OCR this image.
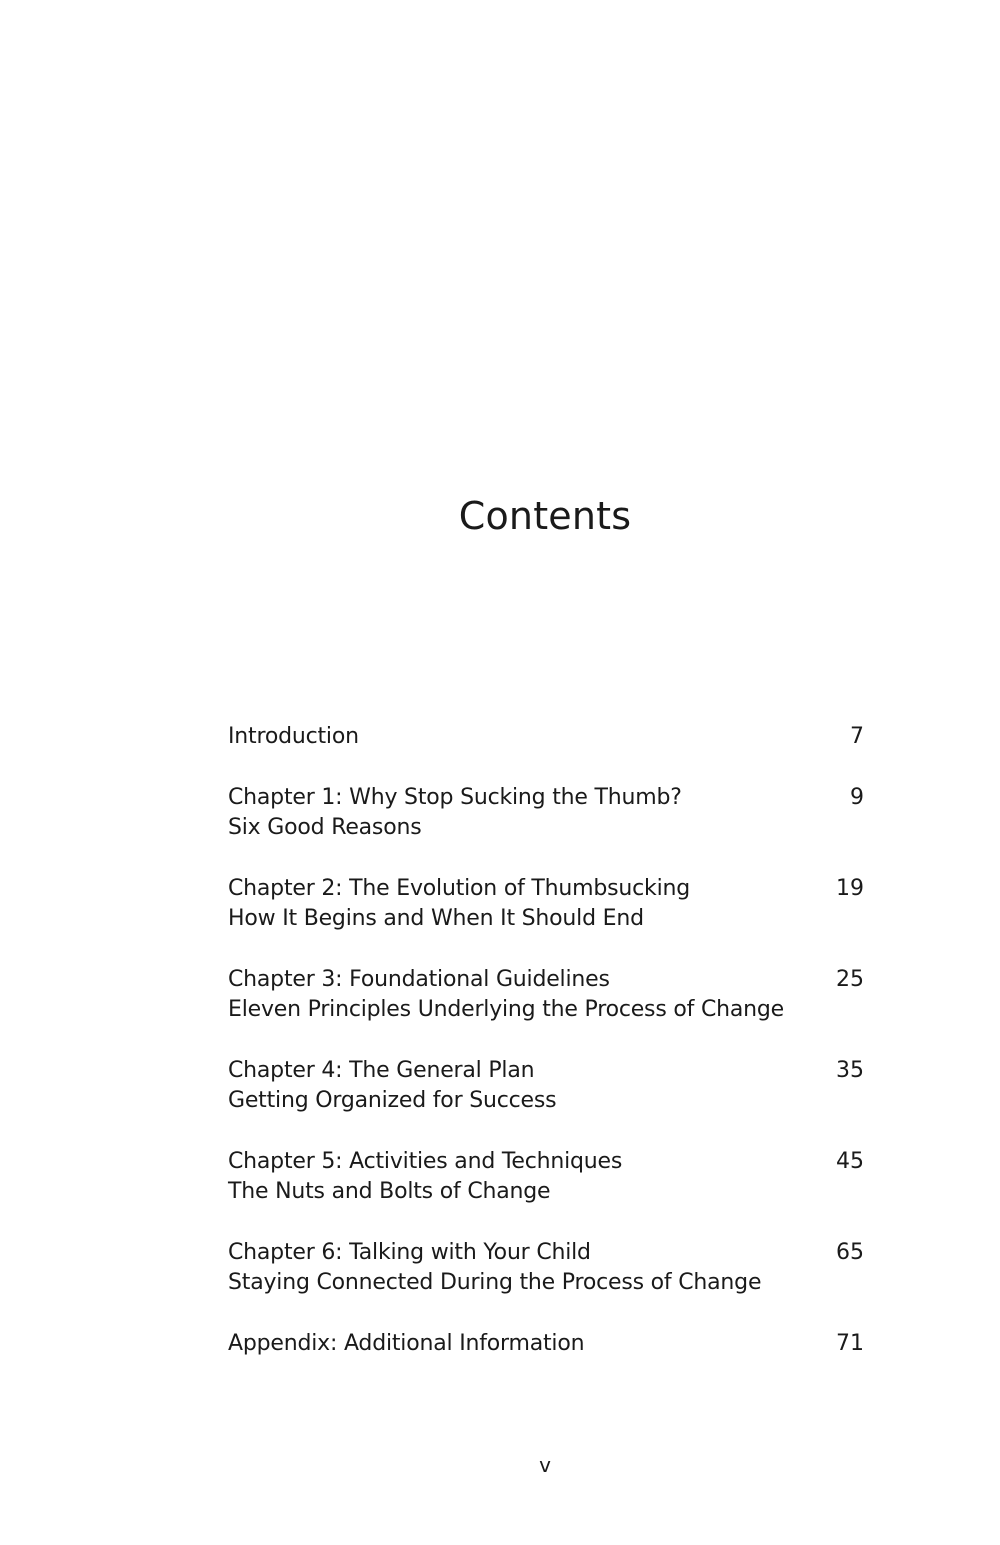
Contents
Introduction	7
Chapter 1: Why Stop Sucking the Thumb?
Six Good Reasons
9
Chapter 2: The Evolution of Thumbsucking
How It Begins and When It Should End
19
Chapter 3: Foundational Guidelines
Eleven Principles Underlying the Process of Change
25
Chapter 4: The General Plan
Getting Organized for Success
35
Chapter 5: Activities and Techniques
The Nuts and Bolts of Change
45
Chapter 6: Talking with Your Child
Staying Connected During the Process of Change
65
Appendix: Additional Information	71
v
